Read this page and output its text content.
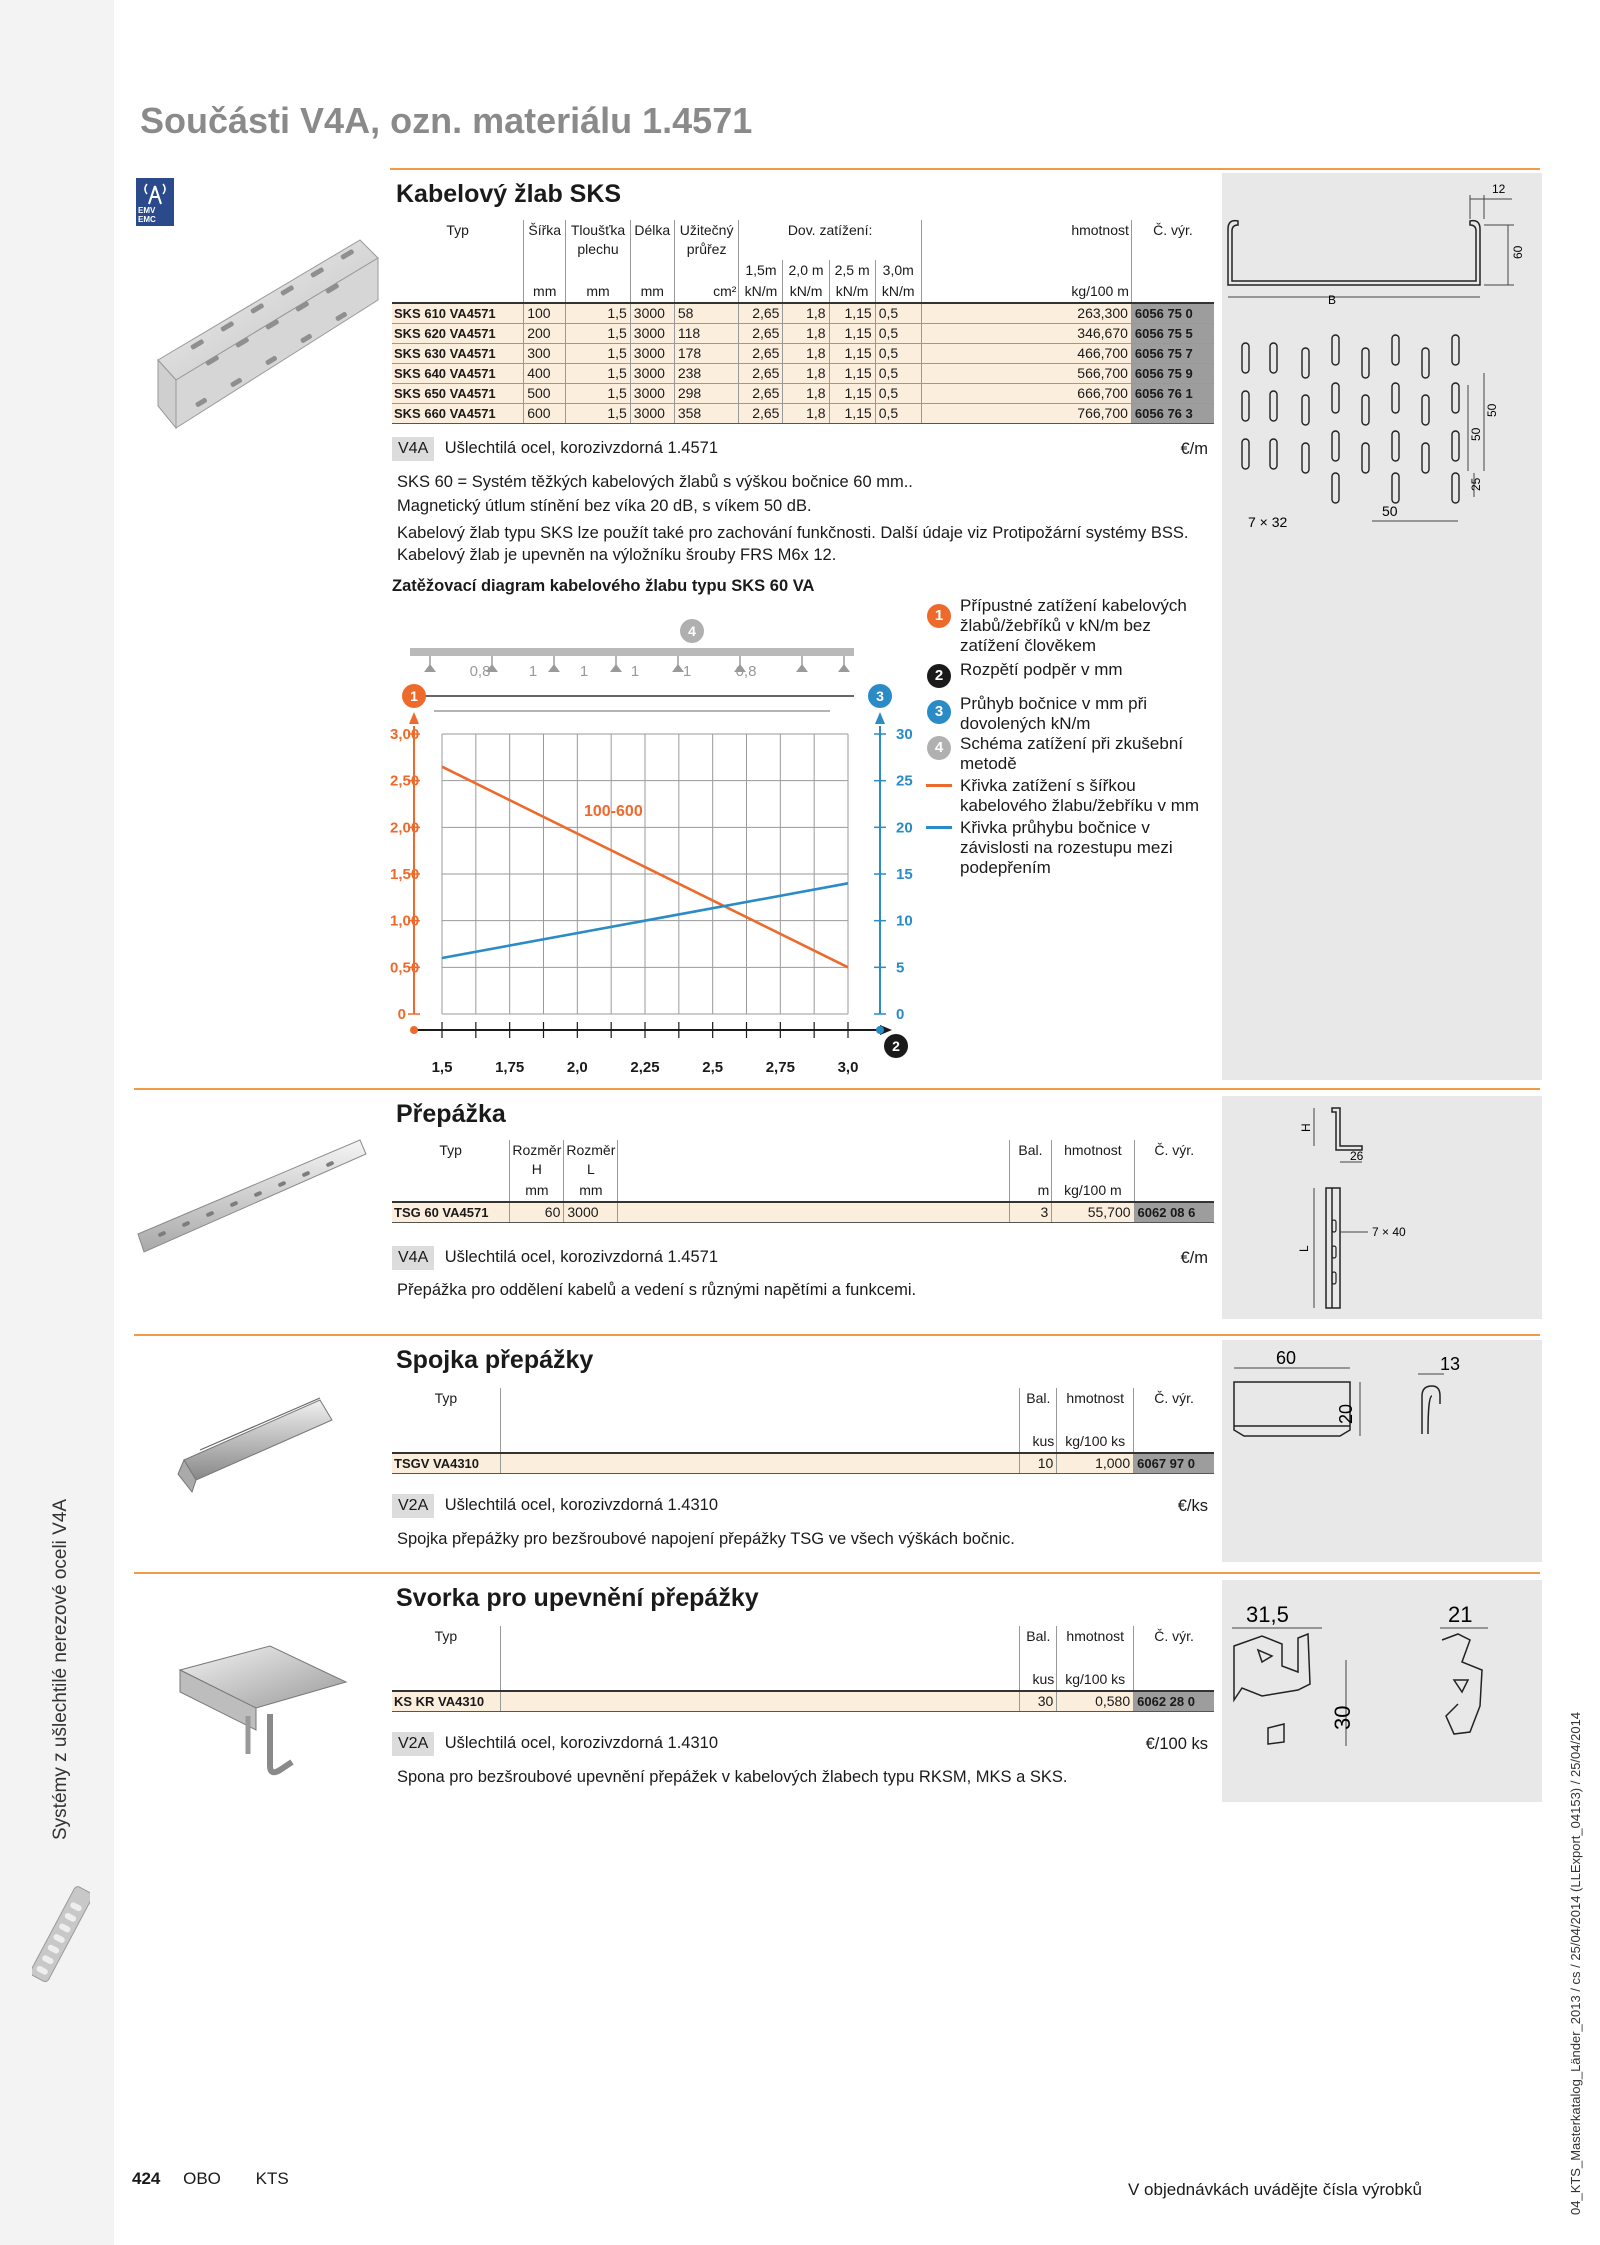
Systémy z ušlechtilé nerezové oceli V4A
04_KTS_Masterkatalog_Länder_2013 / cs / 25/04/2014 (LLExport_04153) / 25/04/2014
Součásti V4A, ozn. materiálu 1.4571
EMV
EMC
Kabelový žlab SKS
Typ	Šířka	Tloušťka plechu	Délka	Užitečný průřez	Dov. zatížení:				hmotnost	Č. výr.
					1,5m	2,0 m	2,5 m	3,0m		
	mm	mm	mm	cm²	kN/m	kN/m	kN/m	kN/m	kg/100 m	
SKS 610 VA4571	100	1,5	3000	58	2,65	1,8	1,15	0,5	263,300	6056 75 0
SKS 620 VA4571	200	1,5	3000	118	2,65	1,8	1,15	0,5	346,670	6056 75 5
SKS 630 VA4571	300	1,5	3000	178	2,65	1,8	1,15	0,5	466,700	6056 75 7
SKS 640 VA4571	400	1,5	3000	238	2,65	1,8	1,15	0,5	566,700	6056 75 9
SKS 650 VA4571	500	1,5	3000	298	2,65	1,8	1,15	0,5	666,700	6056 76 1
SKS 660 VA4571	600	1,5	3000	358	2,65	1,8	1,15	0,5	766,700	6056 76 3
V4A Ušlechtilá ocel, korozivzdorná 1.4571	€/m
SKS 60 = Systém těžkých kabelových žlabů s výškou bočnice 60 mm..
Magnetický útlum stínění bez víka 20 dB, s víkem 50 dB.
Kabelový žlab typu SKS lze použít také pro zachování funkčnosti. Další údaje viz Protipožární systémy BSS. Kabelový žlab je upevněn na výložníku šrouby FRS M6x 12.
Zatěžovací diagram kabelového žlabu typu SKS 60 VA
12
60
B
50
50
25
50
7 × 32
0,8	1	1	1	1	0,8
4
1
3,00
2,50
2,00
1,50
1,00
0,50
0
3
30
25
20
15
10
5
0
2
1,5	1,75	2,0	2,25	2,5	2,75	3,0
100-600
1
Přípustné zatížení kabelových žlabů/žebříků v kN/m bez zatížení člověkem
2 Rozpětí podpěr v mm
3 Průhyb bočnice v mm při dovolených kN/m
4 Schéma zatížení při zkušební metodě
Křivka zatížení s šířkou kabelového žlabu/žebříku v mm
Křivka průhybu bočnice v závislosti na rozestupu mezi podepřením
Přepážka
Typ	Rozměr H	Rozměr L		Bal.	hmotnost	Č. výr.
	mm	mm		m	kg/100 m	
TSG 60 VA4571	60	3000		3	55,700	6062 08 6
V4A Ušlechtilá ocel, korozivzdorná 1.4571	€/m
Přepážka pro oddělení kabelů a vedení s různými napětími a funkcemi.
H
26
L
7 × 40
Spojka přepážky
Typ		Bal.	hmotnost	Č. výr.

		kus	kg/100 ks	
TSGV VA4310		10	1,000	6067 97 0
V2A Ušlechtilá ocel, korozivzdorná 1.4310	€/ks
Spojka přepážky pro bezšroubové napojení přepážky TSG ve všech výškách bočnic.
60	13
20
Svorka pro upevnění přepážky
Typ		Bal.	hmotnost	Č. výr.

		kus	kg/100 ks	
KS KR VA4310		30	0,580	6062 28 0
V2A Ušlechtilá ocel, korozivzdorná 1.4310	€/100 ks
Spona pro bezšroubové upevnění přepážek v kabelových žlabech typu RKSM, MKS a SKS.
31,5	21
30
424 OBO KTS
V objednávkách uvádějte čísla výrobků
